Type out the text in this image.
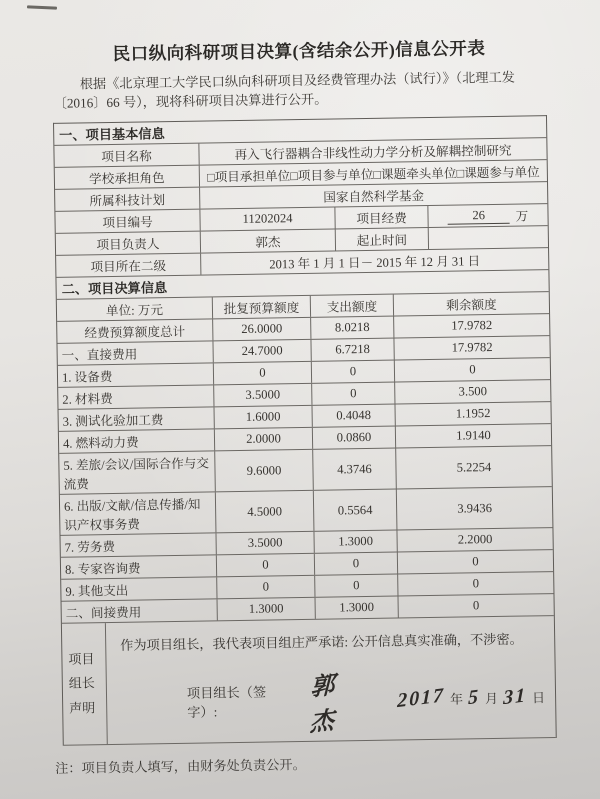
民口纵向科研项目决算(含结余公开)信息公开表
根据《北京理工大学民口纵向科研项目及经费管理办法（试行）》（北理工发〔2016〕66 号），现将科研项目决算进行公开。
一、项目基本信息
项目名称	再入飞行器耦合非线性动力学分析及解耦控制研究
学校承担角色	□项目承担单位□项目参与单位□课题牵头单位□课题参与单位
所属科技计划	国家自然科学基金
项目编号	11202024	项目经费	26	万
项目负责人	郭杰	起止时间
项目所在二级	2013 年 1 月 1 日－ 2015 年 12 月 31 日
二、项目决算信息
单位: 万元	批复预算额度	支出额度	剩余额度
经费预算额度总计	26.0000	8.0218	17.9782
一、直接费用	24.7000	6.7218	17.9782
1. 设备费	0	0	0
2. 材料费	3.5000	0	3.500
3. 测试化验加工费	1.6000	0.4048	1.1952
4. 燃料动力费	2.0000	0.0860	1.9140
5. 差旅/会议/国际合作与交流费
9.6000	4.3746	5.2254
6. 出版/文献/信息传播/知识产权事务费
4.5000	0.5564	3.9436
7. 劳务费	3.5000	1.3000	2.2000
8. 专家咨询费	0	0	0
9. 其他支出	0	0	0
二、间接费用	1.3000	1.3000	0
项目
组长
声明
作为项目组长，我代表项目组庄严承诺: 公开信息真实准确，不涉密。
项目组长（签字）:
郭杰
2017 年 5 月 31 日
注：项目负责人填写，由财务处负责公开。
